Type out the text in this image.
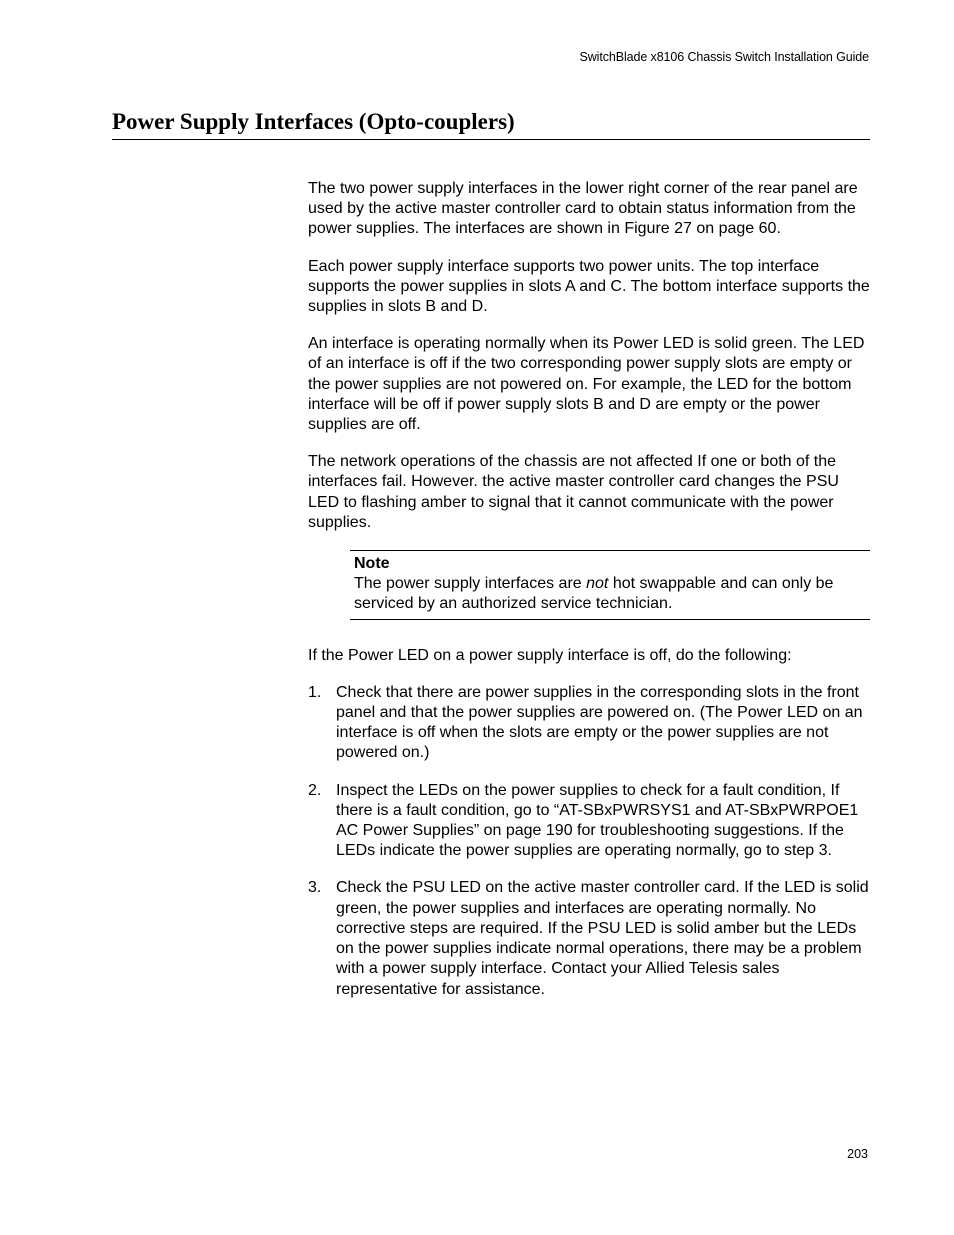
SwitchBlade x8106 Chassis Switch Installation Guide
Power Supply Interfaces (Opto-couplers)

The two power supply interfaces in the lower right corner of the rear panel are used by the active master controller card to obtain status information from the power supplies. The interfaces are shown in Figure 27 on page 60.

Each power supply interface supports two power units. The top interface supports the power supplies in slots A and C. The bottom interface supports the supplies in slots B and D.

An interface is operating normally when its Power LED is solid green. The LED of an interface is off if the two corresponding power supply slots are empty or the power supplies are not powered on. For example, the LED for the bottom interface will be off if power supply slots B and D are empty or the power supplies are off.

The network operations of the chassis are not affected If one or both of the interfaces fail. However. the active master controller card changes the PSU LED to flashing amber to signal that it cannot communicate with the power supplies.

Note
The power supply interfaces are not hot swappable and can only be serviced by an authorized service technician.

If the Power LED on a power supply interface is off, do the following:

1. Check that there are power supplies in the corresponding slots in the front panel and that the power supplies are powered on. (The Power LED on an interface is off when the slots are empty or the power supplies are not powered on.)
2. Inspect the LEDs on the power supplies to check for a fault condition, If there is a fault condition, go to “AT-SBxPWRSYS1 and AT-SBxPWRPOE1 AC Power Supplies” on page 190 for troubleshooting suggestions. If the LEDs indicate the power supplies are operating normally, go to step 3.
3. Check the PSU LED on the active master controller card. If the LED is solid green, the power supplies and interfaces are operating normally. No corrective steps are required. If the PSU LED is solid amber but the LEDs on the power supplies indicate normal operations, there may be a problem with a power supply interface. Contact your Allied Telesis sales representative for assistance.
203
